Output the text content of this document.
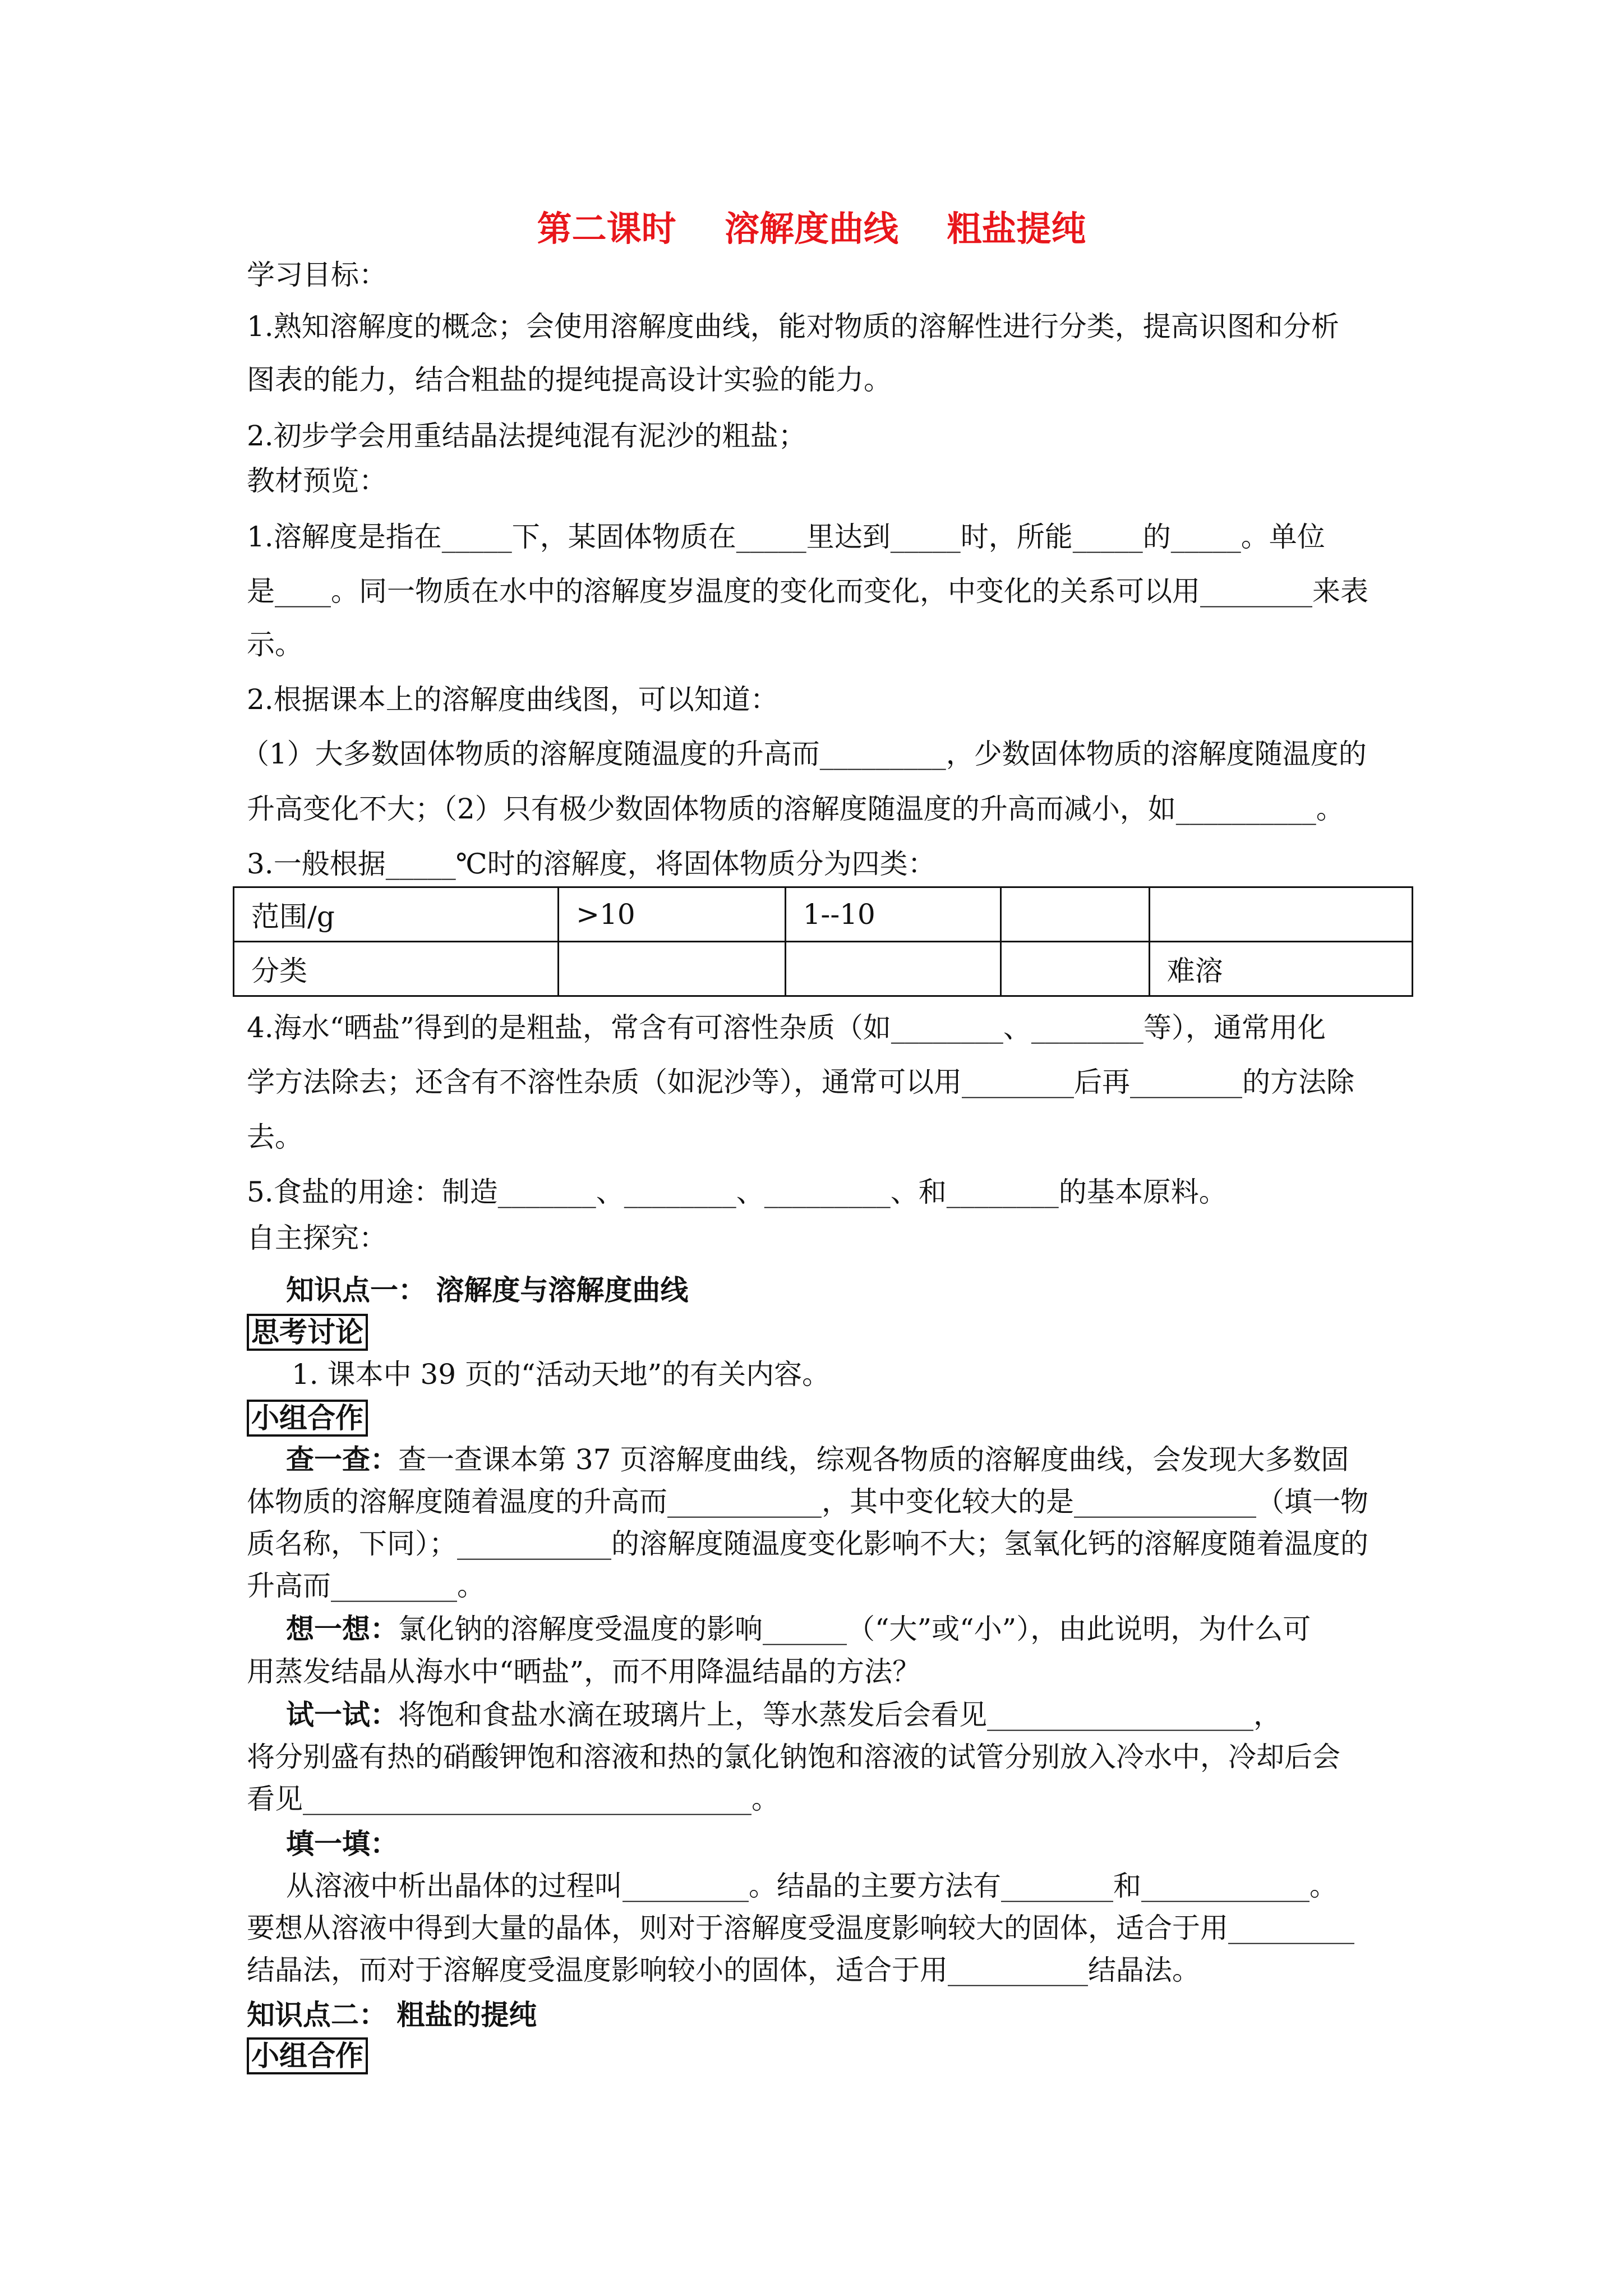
第二课时    溶解度曲线    粗盐提纯
学习目标：
1.熟知溶解度的概念；会使用溶解度曲线，能对物质的溶解性进行分类，提高识图和分析
图表的能力，结合粗盐的提纯提高设计实验的能力。
2.初步学会用重结晶法提纯混有泥沙的粗盐；
教材预览：
1.溶解度是指在_____下，某固体物质在_____里达到_____时，所能_____的_____。单位
是____。同一物质在水中的溶解度岁温度的变化而变化，中变化的关系可以用________来表
示。
2.根据课本上的溶解度曲线图，可以知道：
（1）大多数固体物质的溶解度随温度的升高而_________，少数固体物质的溶解度随温度的
升高变化不大；（2）只有极少数固体物质的溶解度随温度的升高而减小，如__________。
3.一般根据_____℃时的溶解度，将固体物质分为四类：
范围/g	>10	1--10		
分类				难溶
4.海水“晒盐”得到的是粗盐，常含有可溶性杂质（如________、________等），通常用化
学方法除去；还含有不溶性杂质（如泥沙等），通常可以用________后再________的方法除
去。
5.食盐的用途：制造_______、________、_________、和________的基本原料。
自主探究：
知识点一： 溶解度与溶解度曲线
思考讨论
1. 课本中 39 页的“活动天地”的有关内容。
小组合作
查一查：查一查课本第 37 页溶解度曲线，综观各物质的溶解度曲线，会发现大多数固
体物质的溶解度随着温度的升高而___________，其中变化较大的是_____________（填一物
质名称，下同）；___________的溶解度随温度变化影响不大；氢氧化钙的溶解度随着温度的
升高而_________。
想一想：氯化钠的溶解度受温度的影响______（“大”或“小”），由此说明，为什么可
用蒸发结晶从海水中“晒盐”，而不用降温结晶的方法？
试一试：将饱和食盐水滴在玻璃片上，等水蒸发后会看见___________________，
将分别盛有热的硝酸钾饱和溶液和热的氯化钠饱和溶液的试管分别放入冷水中，冷却后会
看见________________________________。
填一填：
从溶液中析出晶体的过程叫_________。结晶的主要方法有________和____________。
要想从溶液中得到大量的晶体，则对于溶解度受温度影响较大的固体，适合于用_________
结晶法，而对于溶解度受温度影响较小的固体，适合于用__________结晶法。
知识点二： 粗盐的提纯
小组合作
